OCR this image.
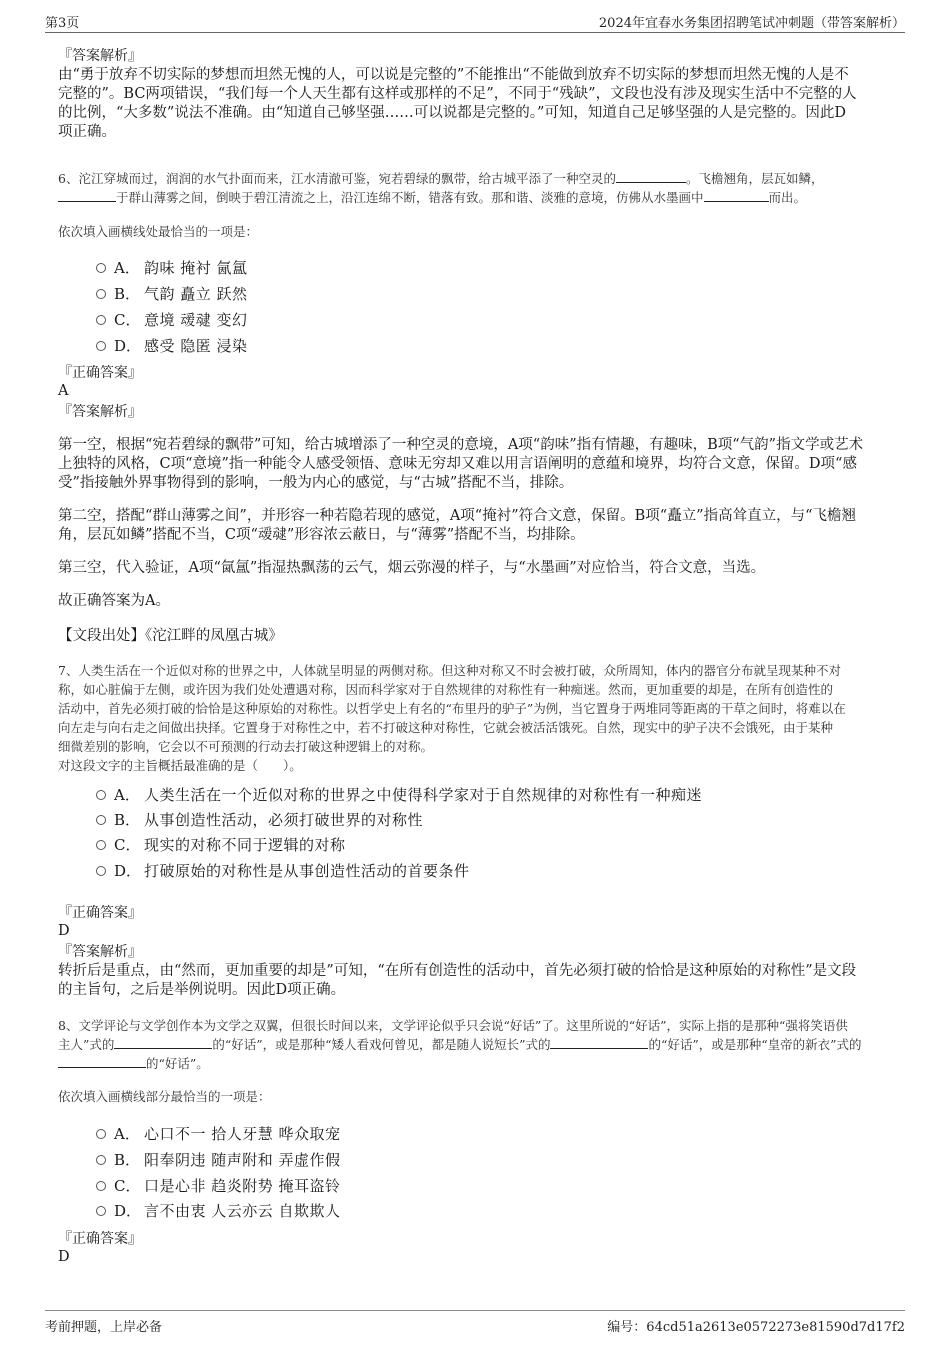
第3页	2024年宜春水务集团招聘笔试冲刺题（带答案解析）
『答案解析』
由“勇于放弃不切实际的梦想而坦然无愧的人，可以说是完整的”不能推出“不能做到放弃不切实际的梦想而坦然无愧的人是不
完整的”。BC两项错误，“我们每一个人天生都有这样或那样的不足”，不同于“残缺”，文段也没有涉及现实生活中不完整的人
的比例，“大多数”说法不准确。由“知道自己够坚强……可以说都是完整的。”可知，知道自己足够坚强的人是完整的。因此D
项正确。
6、沱江穿城而过，润润的水气扑面而来，江水清澈可鉴，宛若碧绿的飘带，给古城平添了一种空灵的	。飞檐翘角，层瓦如鳞，
于群山薄雾之间，倒映于碧江清流之上，沿江连绵不断，错落有致。那和谐、淡雅的意境，仿佛从水墨画中	而出。
依次填入画横线处最恰当的一项是：
A． 韵味 掩衬 氤氲
B． 气韵 矗立 跃然
C． 意境 叆叇 变幻
D． 感受 隐匿 浸染
『正确答案』
A
『答案解析』
第一空，根据“宛若碧绿的飘带”可知，给古城增添了一种空灵的意境，A项“韵味”指有情趣，有趣味，B项“气韵”指文学或艺术
上独特的风格，C项“意境”指一种能令人感受领悟、意味无穷却又难以用言语阐明的意蕴和境界，均符合文意，保留。D项“感
受”指接触外界事物得到的影响，一般为内心的感觉，与“古城”搭配不当，排除。
第二空，搭配“群山薄雾之间”，并形容一种若隐若现的感觉，A项“掩衬”符合文意，保留。B项“矗立”指高耸直立，与“飞檐翘
角，层瓦如鳞”搭配不当，C项“叆叇”形容浓云蔽日，与“薄雾”搭配不当，均排除。
第三空，代入验证，A项“氤氲”指湿热飘荡的云气，烟云弥漫的样子，与“水墨画”对应恰当，符合文意，当选。
故正确答案为A。
【文段出处】《沱江畔的凤凰古城》
7、人类生活在一个近似对称的世界之中，人体就呈明显的两侧对称。但这种对称又不时会被打破，众所周知，体内的器官分布就呈现某种不对
称，如心脏偏于左侧，或许因为我们处处遭遇对称，因而科学家对于自然规律的对称性有一种痴迷。然而，更加重要的却是，在所有创造性的
活动中，首先必须打破的恰恰是这种原始的对称性。以哲学史上有名的“布里丹的驴子”为例，当它置身于两堆同等距离的干草之间时，将难以在
向左走与向右走之间做出抉择。它置身于对称性之中，若不打破这种对称性，它就会被活活饿死。自然，现实中的驴子决不会饿死，由于某种
细微差别的影响，它会以不可预测的行动去打破这种逻辑上的对称。
对这段文字的主旨概括最准确的是（　　）。
A． 人类生活在一个近似对称的世界之中使得科学家对于自然规律的对称性有一种痴迷
B． 从事创造性活动，必须打破世界的对称性
C． 现实的对称不同于逻辑的对称
D． 打破原始的对称性是从事创造性活动的首要条件
『正确答案』
D
『答案解析』
转折后是重点，由“然而，更加重要的却是”可知，“在所有创造性的活动中，首先必须打破的恰恰是这种原始的对称性”是文段
的主旨句，之后是举例说明。因此D项正确。
8、文学评论与文学创作本为文学之双翼，但很长时间以来，文学评论似乎只会说“好话”了。这里所说的“好话”，实际上指的是那种“强将笑语供
主人”式的	的“好话”，或是那种“矮人看戏何曾见，都是随人说短长”式的	的“好话”，或是那种“皇帝的新衣”式的
的“好话”。
依次填入画横线部分最恰当的一项是：
A． 心口不一 拾人牙慧 哗众取宠
B． 阳奉阴违 随声附和 弄虚作假
C． 口是心非 趋炎附势 掩耳盗铃
D． 言不由衷 人云亦云 自欺欺人
『正确答案』
D
考前押题，上岸必备	编号：64cd51a2613e0572273e81590d7d17f2
